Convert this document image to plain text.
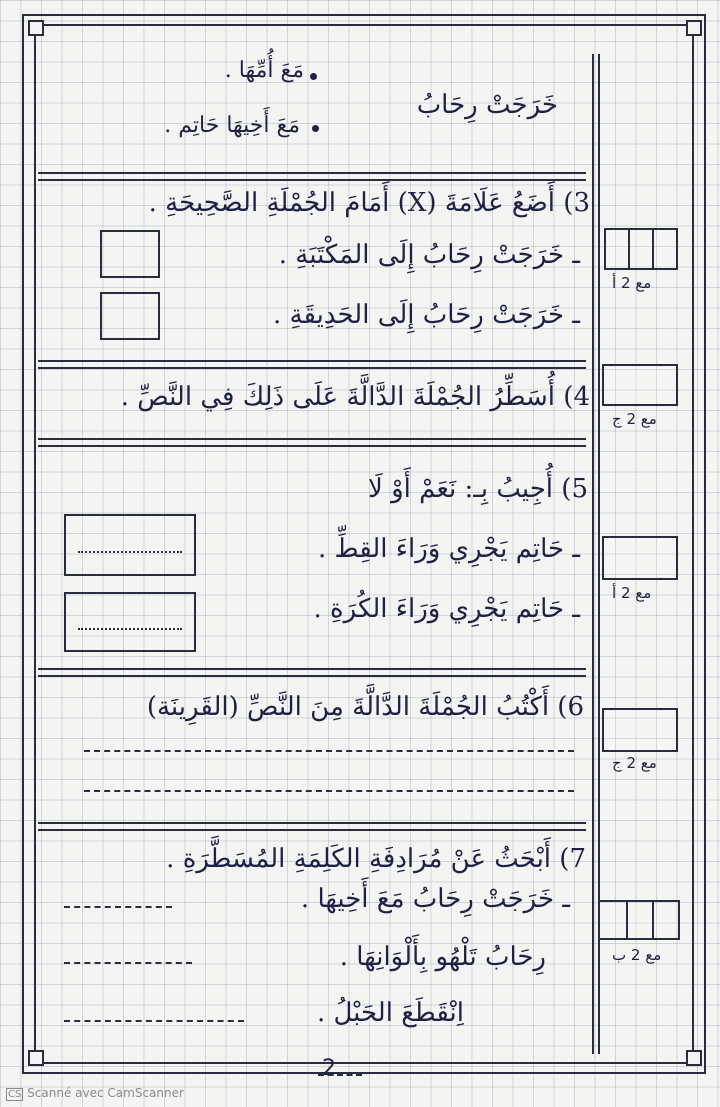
مَعَ أُمِّهَا .
خَرَجَتْ رِحَابُ
مَعَ أَخِيهَا حَاتِم .
3) أَضَعُ عَلَامَةَ (X) أَمَامَ الجُمْلَةِ الصَّحِيحَةِ .
ـ خَرَجَتْ رِحَابُ إِلَى المَكْتَبَةِ .
ـ خَرَجَتْ رِحَابُ إِلَى الحَدِيقَةِ .
مع 2 أ
4) أُسَطِّرُ الجُمْلَةَ الدَّالَّةَ عَلَى ذَلِكَ فِي النَّصِّ .
مع 2 ج
5) أُجِيبُ بِـ: نَعَمْ أَوْ لَا
ـ حَاتِم يَجْرِي وَرَاءَ القِطِّ .
ـ حَاتِم يَجْرِي وَرَاءَ الكُرَةِ .
مع 2 أ
6) أَكْتُبُ الجُمْلَةَ الدَّالَّةَ مِنَ النَّصِّ (القَرِينَة)
مع 2 ج
7) أَبْحَثُ عَنْ مُرَادِفَةِ الكَلِمَةِ المُسَطَّرَةِ .
ـ خَرَجَتْ رِحَابُ مَعَ أَخِيهَا .
رِحَابُ تَلْهُو بِأَلْوَانِهَا .
اِنْقَطَعَ الحَبْلُ .
مع 2 ب
2
CS Scanné avec CamScanner
